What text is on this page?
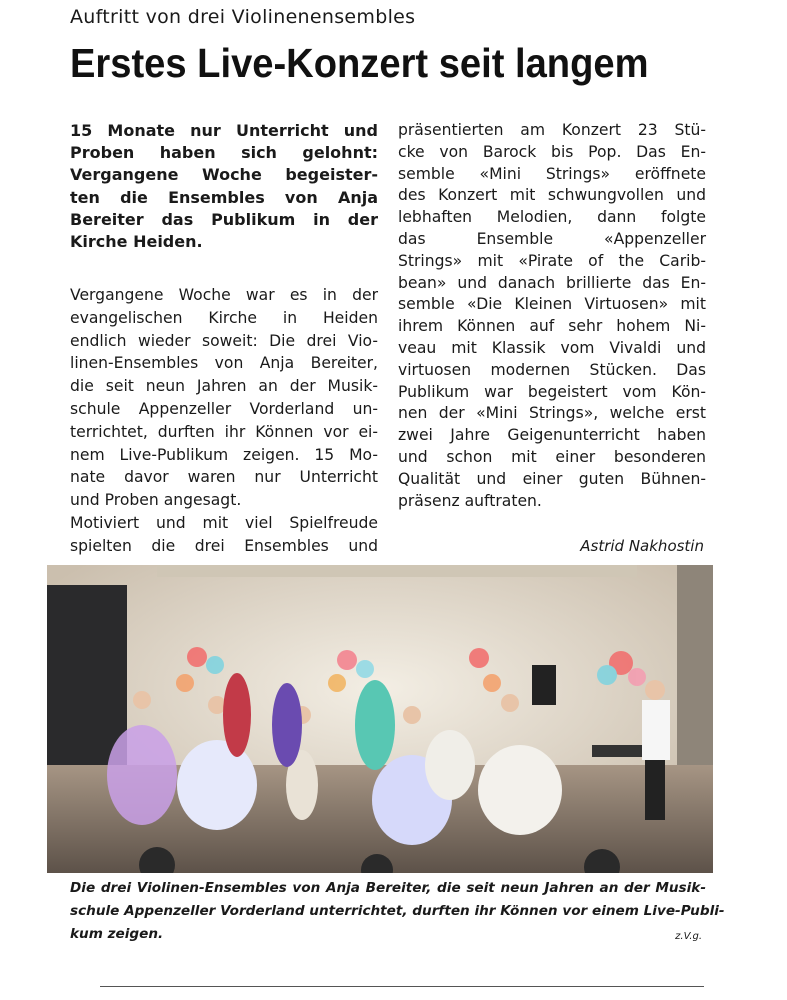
Auftritt von drei Violinenensembles
Erstes Live-Konzert seit langem
15 Monate nur Unterricht und
Proben haben sich gelohnt:
Vergangene Woche begeister-
ten die Ensembles von Anja
Bereiter das Publikum in der
Kirche Heiden.
Vergangene Woche war es in der
evangelischen Kirche in Heiden
endlich wieder soweit: Die drei Vio-
linen-Ensembles von Anja Bereiter,
die seit neun Jahren an der Musik-
schule Appenzeller Vorderland un-
terrichtet, durften ihr Können vor ei-
nem Live-Publikum zeigen. 15 Mo-
nate davor waren nur Unterricht
und Proben angesagt.
Motiviert und mit viel Spielfreude
spielten die drei Ensembles und
präsentierten am Konzert 23 Stü-
cke von Barock bis Pop. Das En-
semble «Mini Strings» eröffnete
des Konzert mit schwungvollen und
lebhaften Melodien, dann folgte
das Ensemble «Appenzeller
Strings» mit «Pirate of the Carib-
bean» und danach brillierte das En-
semble «Die Kleinen Virtuosen» mit
ihrem Können auf sehr hohem Ni-
veau mit Klassik vom Vivaldi und
virtuosen modernen Stücken. Das
Publikum war begeistert vom Kön-
nen der «Mini Strings», welche erst
zwei Jahre Geigenunterricht haben
und schon mit einer besonderen
Qualität und einer guten Bühnen-
präsenz auftraten.
Astrid Nakhostin
Die drei Violinen-Ensembles von Anja Bereiter, die seit neun Jahren an der Musik-
schule Appenzeller Vorderland unterrichtet, durften ihr Können vor einem Live-Publi-
kum zeigen.	z.V.g.
